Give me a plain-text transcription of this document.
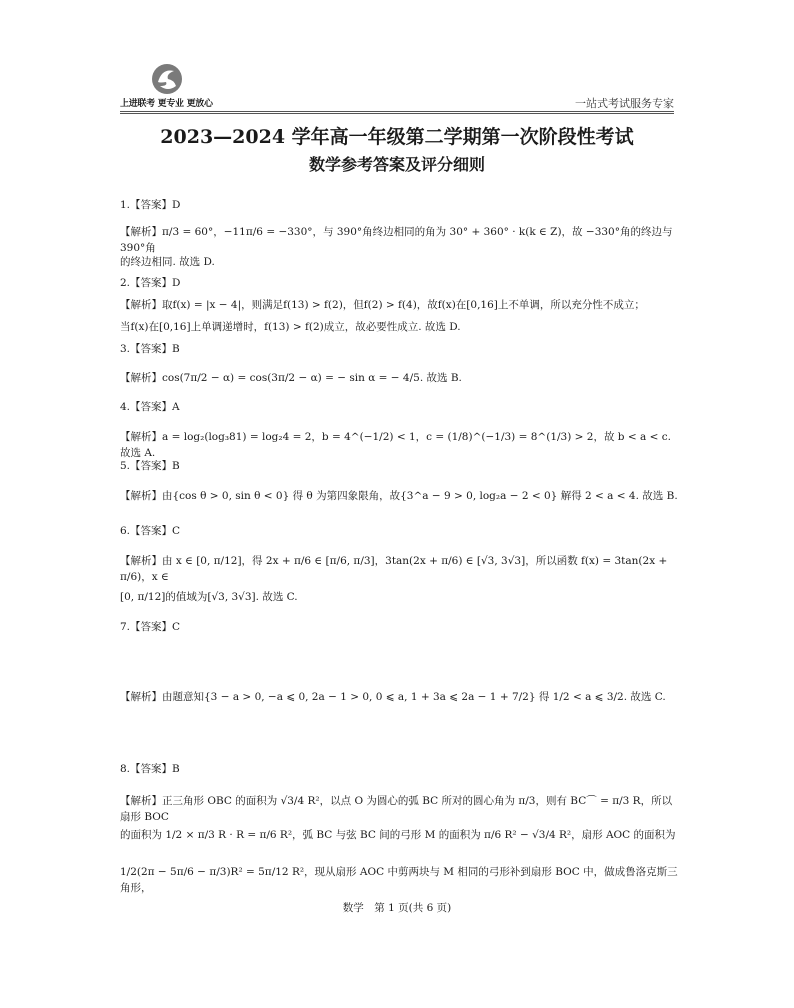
上进联考 更专业 更放心	一站式考试服务专家
2023—2024 学年高一年级第二学期第一次阶段性考试
数学参考答案及评分细则
1.【答案】D
【解析】π/3 = 60°，−11π/6 = −330°，与 390°角终边相同的角为 30° + 360° · k(k ∈ Z)，故 −330°角的终边与 390°角
的终边相同. 故选 D.
2.【答案】D
【解析】取f(x) = |x − 4|，则满足f(13) > f(2)，但f(2) > f(4)，故f(x)在[0,16]上不单调，所以充分性不成立；
当f(x)在[0,16]上单调递增时，f(13) > f(2)成立，故必要性成立. 故选 D.
3.【答案】B
【解析】cos(7π/2 − α) = cos(3π/2 − α) = − sin α = − 4/5. 故选 B.
4.【答案】A
【解析】a = log₂(log₃81) = log₂4 = 2，b = 4^(−1/2) < 1，c = (1/8)^(−1/3) = 8^(1/3) > 2，故 b < a < c. 故选 A.
5.【答案】B
【解析】由{cos θ > 0, sin θ < 0} 得 θ 为第四象限角，故{3^a − 9 > 0, log₂a − 2 < 0} 解得 2 < a < 4. 故选 B.
6.【答案】C
【解析】由 x ∈ [0, π/12]，得 2x + π/6 ∈ [π/6, π/3]，3tan(2x + π/6) ∈ [√3, 3√3]，所以函数 f(x) = 3tan(2x + π/6)，x ∈
[0, π/12]的值域为[√3, 3√3]. 故选 C.
7.【答案】C
【解析】由题意知{3 − a > 0, −a ⩽ 0, 2a − 1 > 0, 0 ⩽ a, 1 + 3a ⩽ 2a − 1 + 7/2} 得 1/2 < a ⩽ 3/2. 故选 C.
8.【答案】B
【解析】正三角形 OBC 的面积为 √3/4 R²，以点 O 为圆心的弧 BC 所对的圆心角为 π/3，则有 BC⌒ = π/3 R，所以扇形 BOC
的面积为 1/2 × π/3 R · R = π/6 R²，弧 BC 与弦 BC 间的弓形 M 的面积为 π/6 R² − √3/4 R²，扇形 AOC 的面积为
1/2(2π − 5π/6 − π/3)R² = 5π/12 R²，现从扇形 AOC 中剪两块与 M 相同的弓形补到扇形 BOC 中，做成鲁洛克斯三角形，
数学　第 1 页(共 6 页)
